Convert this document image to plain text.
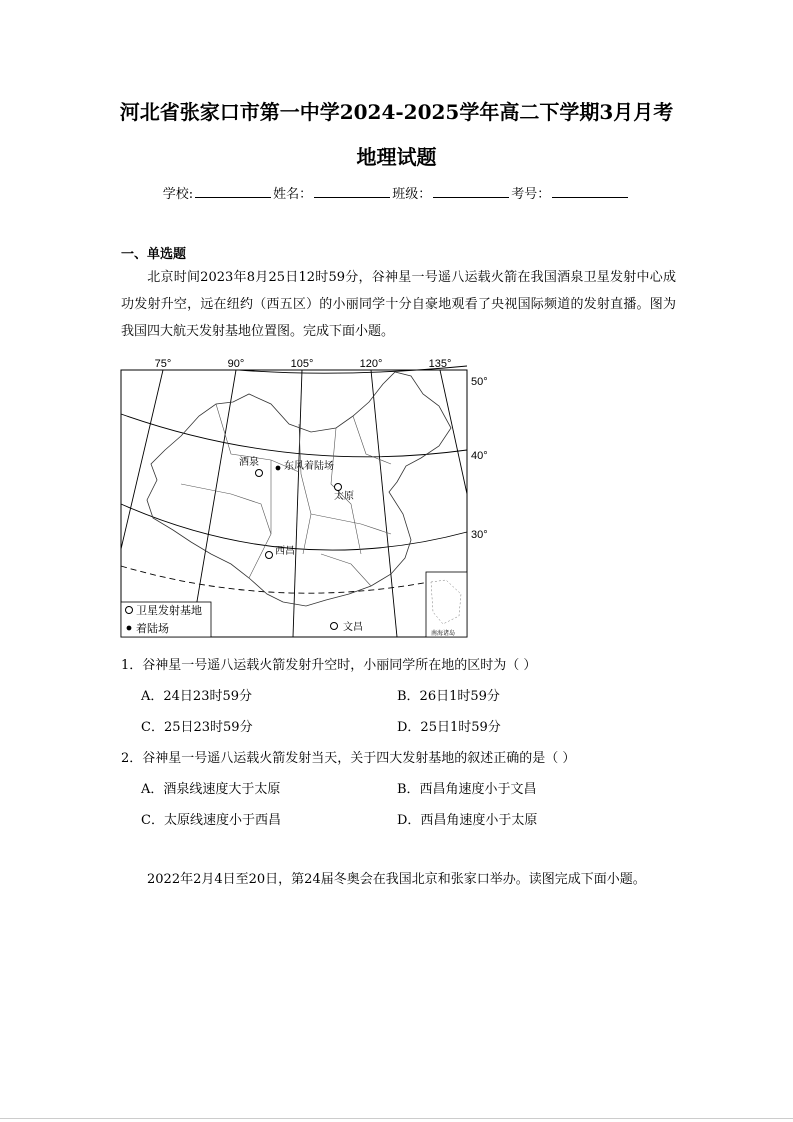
河北省张家口市第一中学2024-2025学年高二下学期3月月考
地理试题
学校:	姓名：	班级：	考号：
一、单选题
北京时间2023年8月25日12时59分，谷神星一号遥八运载火箭在我国酒泉卫星发射中心成功发射升空，远在纽约（西五区）的小丽同学十分自豪地观看了央视国际频道的发射直播。图为我国四大航天发射基地位置图。完成下面小题。
75°	90°	105°	120°	135°
50°
40°
30°
南海诸岛
酒泉	东风着陆场
太原
西昌
文昌
卫星发射基地
着陆场
1．谷神星一号遥八运载火箭发射升空时，小丽同学所在地的区时为（ ）
A．24日23时59分	B．26日1时59分
C．25日23时59分	D．25日1时59分
2．谷神星一号遥八运载火箭发射当天，关于四大发射基地的叙述正确的是（ ）
A．酒泉线速度大于太原	B．西昌角速度小于文昌
C．太原线速度小于西昌	D．西昌角速度小于太原
2022年2月4日至20日，第24届冬奥会在我国北京和张家口举办。读图完成下面小题。
